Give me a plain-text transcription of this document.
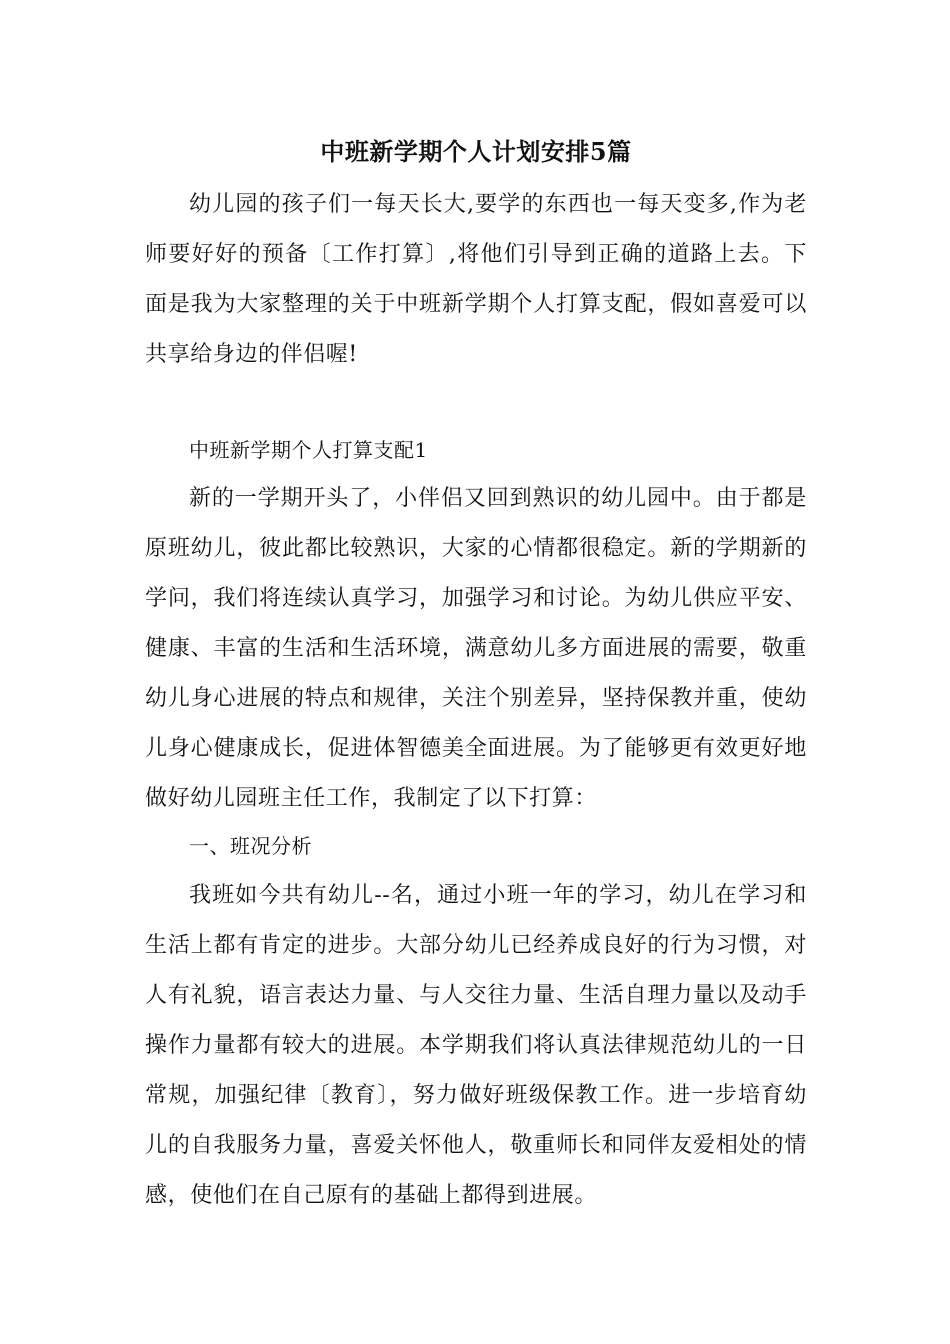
中班新学期个人计划安排5篇

幼儿园的孩子们一每天长大,要学的东西也一每天变多,作为老师要好好的预备〔工作打算〕,将他们引导到正确的道路上去。下面是我为大家整理的关于中班新学期个人打算支配，假如喜爱可以共享给身边的伴侣喔!

中班新学期个人打算支配1

新的一学期开头了，小伴侣又回到熟识的幼儿园中。由于都是原班幼儿，彼此都比较熟识，大家的心情都很稳定。新的学期新的学问，我们将连续认真学习，加强学习和讨论。为幼儿供应平安、健康、丰富的生活和生活环境，满意幼儿多方面进展的需要，敬重幼儿身心进展的特点和规律，关注个别差异，坚持保教并重，使幼儿身心健康成长，促进体智德美全面进展。为了能够更有效更好地做好幼儿园班主任工作，我制定了以下打算：

一、班况分析

我班如今共有幼儿--名，通过小班一年的学习，幼儿在学习和生活上都有肯定的进步。大部分幼儿已经养成良好的行为习惯，对人有礼貌，语言表达力量、与人交往力量、生活自理力量以及动手操作力量都有较大的进展。本学期我们将认真法律规范幼儿的一日常规，加强纪律〔教育〕，努力做好班级保教工作。进一步培育幼儿的自我服务力量，喜爱关怀他人，敬重师长和同伴友爱相处的情感，使他们在自己原有的基础上都得到进展。
